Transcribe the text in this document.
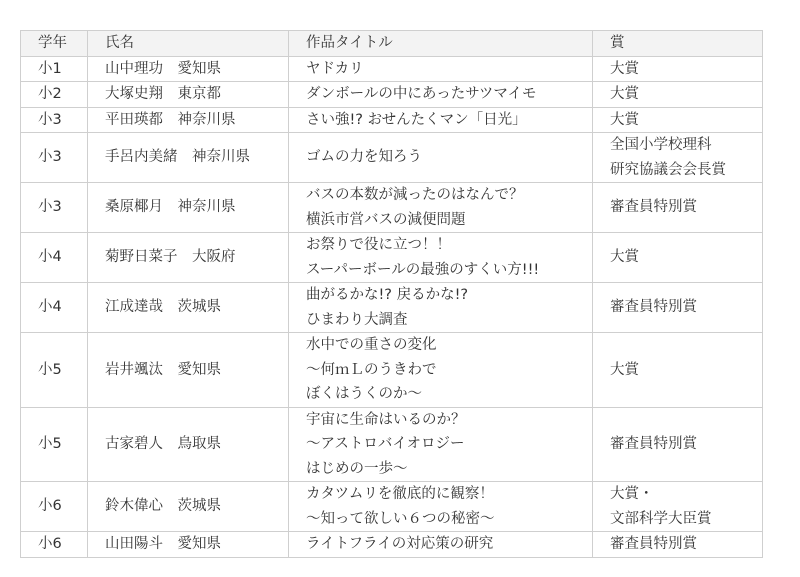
学年	氏名	作品タイトル	賞
小1	山中理功　愛知県	ヤドカリ	大賞

小2	大塚史翔　東京都	ダンボールの中にあったサツマイモ	大賞

小3	平田瑛都　神奈川県	さい強!? おせんたくマン「日光」	大賞

小3	手呂内美緒　神奈川県	ゴムの力を知ろう	全国小学校理科
研究協議会会長賞

小3	桑原椰月　神奈川県	バスの本数が減ったのはなんで？
横浜市営バスの減便問題	審査員特別賞

小4	菊野日菜子　大阪府	お祭りで役に立つ！！
スーパーボールの最強のすくい方!!!	大賞

小4	江成達哉　茨城県	曲がるかな!? 戻るかな!?
ひまわり大調査	審査員特別賞

小5	岩井颯汰　愛知県	水中での重さの変化
〜何ｍＬのうきわで
ぼくはうくのか〜	大賞

小5	古家碧人　鳥取県	宇宙に生命はいるのか？
〜アストロバイオロジー
はじめの一歩〜	審査員特別賞

小6	鈴木偉心　茨城県	カタツムリを徹底的に観察！
〜知って欲しい６つの秘密〜	大賞・
文部科学大臣賞

小6	山田陽斗　愛知県	ライトフライの対応策の研究	審査員特別賞
